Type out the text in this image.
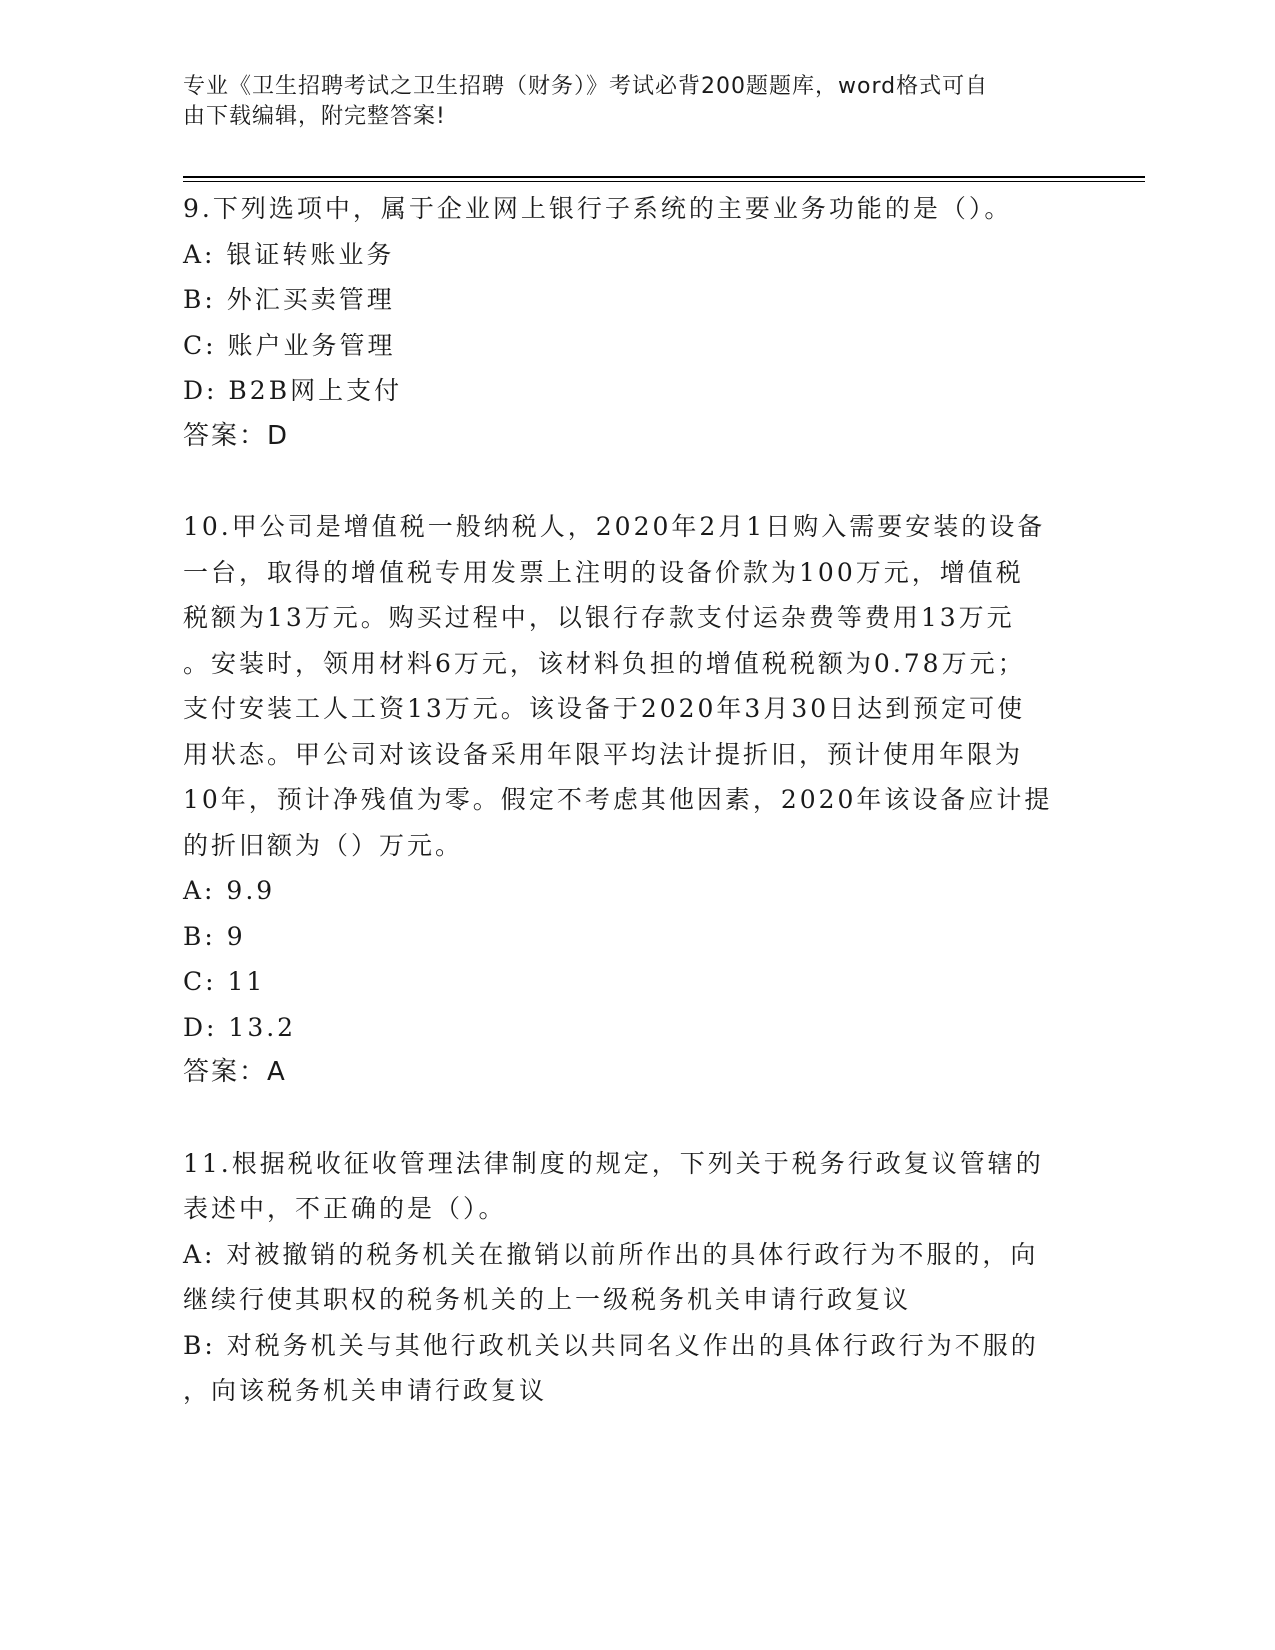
专业《卫生招聘考试之卫生招聘（财务）》考试必背200题题库，word格式可自
由下载编辑，附完整答案!
9.下列选项中，属于企业网上银行子系统的主要业务功能的是（）。
A: 银证转账业务
B: 外汇买卖管理
C: 账户业务管理
D: B2B网上支付
答案：D
10.甲公司是增值税一般纳税人，2020年2月1日购入需要安装的设备
一台，取得的增值税专用发票上注明的设备价款为100万元，增值税
税额为13万元。购买过程中，以银行存款支付运杂费等费用13万元
。安装时，领用材料6万元，该材料负担的增值税税额为0.78万元；
支付安装工人工资13万元。该设备于2020年3月30日达到预定可使
用状态。甲公司对该设备采用年限平均法计提折旧，预计使用年限为
10年，预计净残值为零。假定不考虑其他因素，2020年该设备应计提
的折旧额为（）万元。
A: 9.9
B: 9
C: 11
D: 13.2
答案：A
11.根据税收征收管理法律制度的规定，下列关于税务行政复议管辖的
表述中，不正确的是（）。
A: 对被撤销的税务机关在撤销以前所作出的具体行政行为不服的，向
继续行使其职权的税务机关的上一级税务机关申请行政复议
B: 对税务机关与其他行政机关以共同名义作出的具体行政行为不服的
，向该税务机关申请行政复议
